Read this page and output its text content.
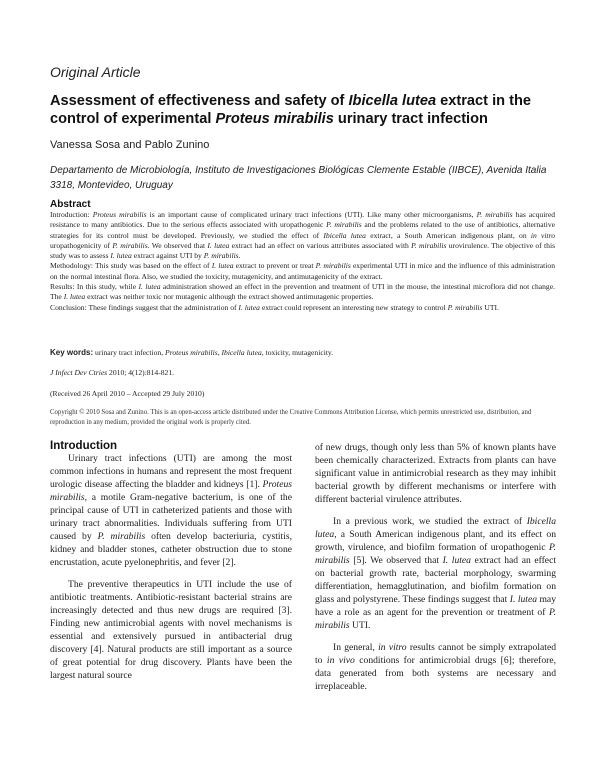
Original Article
Assessment of effectiveness and safety of Ibicella lutea extract in the control of experimental Proteus mirabilis urinary tract infection
Vanessa Sosa and Pablo Zunino
Departamento de Microbiología, Instituto de Investigaciones Biológicas Clemente Estable (IIBCE), Avenida Italia 3318, Montevideo, Uruguay
Abstract

Introduction: Proteus mirabilis is an important cause of complicated urinary tract infections (UTI). Like many other microorganisms, P. mirabilis has acquired resistance to many antibiotics. Due to the serious effects associated with uropathogenic P. mirabilis and the problems related to the use of antibiotics, alternative strategies for its control must be developed. Previously, we studied the effect of Ibicella lutea extract, a South American indigenous plant, on in vitro uropathogenicity of P. mirabilis. We observed that I. lutea extract had an effect on various attributes associated with P. mirabilis urovirulence. The objective of this study was to assess I. lutea extract against UTI by P. mirabilis.

Methodology: This study was based on the effect of I. lutea extract to prevent or treat P. mirabilis experimental UTI in mice and the influence of this administration on the normal intestinal flora. Also, we studied the toxicity, mutagenicity, and antimutagenicity of the extract.

Results: In this study, while I. lutea administration showed an effect in the prevention and treatment of UTI in the mouse, the intestinal microflora did not change. The I. lutea extract was neither toxic nor mutagenic although the extract showed antimutagenic properties.

Conclusion: These findings suggest that the administration of I. lutea extract could represent an interesting new strategy to control P. mirabilis UTI.

Key words: urinary tract infection, Proteus mirabilis, Ibicella lutea, toxicity, mutagenicity.
J Infect Dev Ctries 2010; 4(12):814-821.
(Received 26 April 2010 – Accepted 29 July 2010)
Copyright © 2010 Sosa and Zunino. This is an open-access article distributed under the Creative Commons Attribution License, which permits unrestricted use, distribution, and reproduction in any medium, provided the original work is properly cited.
Introduction

Urinary tract infections (UTI) are among the most common infections in humans and represent the most frequent urologic disease affecting the bladder and kidneys [1]. Proteus mirabilis, a motile Gram-negative bacterium, is one of the principal cause of UTI in catheterized patients and those with urinary tract abnormalities. Individuals suffering from UTI caused by P. mirabilis often develop bacteriuria, cystitis, kidney and bladder stones, catheter obstruction due to stone encrustation, acute pyelonephritis, and fever [2].

The preventive therapeutics in UTI include the use of antibiotic treatments. Antibiotic-resistant bacterial strains are increasingly detected and thus new drugs are required [3]. Finding new antimicrobial agents with novel mechanisms is essential and extensively pursued in antibacterial drug discovery [4]. Natural products are still important as a source of great potential for drug discovery. Plants have been the largest natural source

of new drugs, though only less than 5% of known plants have been chemically characterized. Extracts from plants can have significant value in antimicrobial research as they may inhibit bacterial growth by different mechanisms or interfere with different bacterial virulence attributes.

In a previous work, we studied the extract of Ibicella lutea, a South American indigenous plant, and its effect on growth, virulence, and biofilm formation of uropathogenic P. mirabilis [5]. We observed that I. lutea extract had an effect on bacterial growth rate, bacterial morphology, swarming differentiation, hemagglutination, and biofilm formation on glass and polystyrene. These findings suggest that I. lutea may have a role as an agent for the prevention or treatment of P. mirabilis UTI.

In general, in vitro results cannot be simply extrapolated to in vivo conditions for antimicrobial drugs [6]; therefore, data generated from both systems are necessary and irreplaceable.
